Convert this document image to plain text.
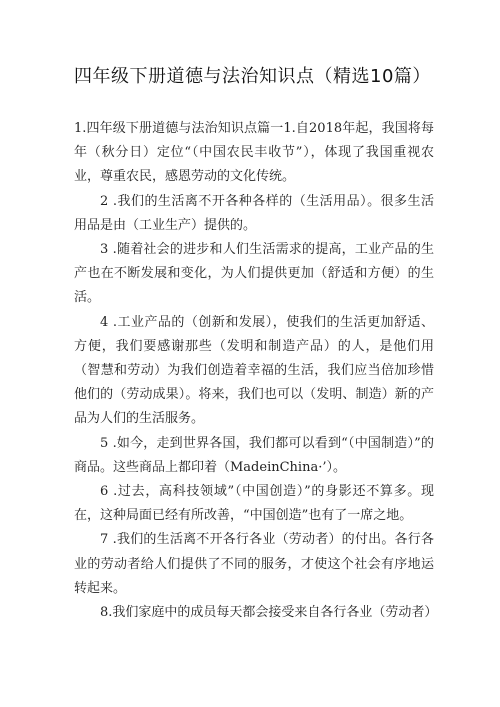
四年级下册道德与法治知识点（精选10篇）

1.四年级下册道德与法治知识点篇一1.自2018年起，我国将每年（秋分日）定位“（中国农民丰收节”），体现了我国重视农业，尊重农民，感恩劳动的文化传统。

2 .我们的生活离不开各种各样的（生活用品）。很多生活用品是由（工业生产）提供的。

3 .随着社会的进步和人们生活需求的提高，工业产品的生产也在不断发展和变化，为人们提供更加（舒适和方便）的生活。

4 .工业产品的（创新和发展），使我们的生活更加舒适、方便，我们要感谢那些（发明和制造产品）的人，是他们用（智慧和劳动）为我们创造着幸福的生活，我们应当倍加珍惜他们的（劳动成果）。将来，我们也可以（发明、制造）新的产品为人们的生活服务。

5 .如今，走到世界各国，我们都可以看到“（中国制造）”的商品。这些商品上都印着（MadeinChina·’）。

6 .过去，高科技领域”（中国创造）”的身影还不算多。现在，这种局面已经有所改善，“中国创造”也有了一席之地。

7 .我们的生活离不开各行各业（劳动者）的付出。各行各业的劳动者给人们提供了不同的服务，才使这个社会有序地运转起来。

8.我们家庭中的成员每天都会接受来自各行各业（劳动者）
